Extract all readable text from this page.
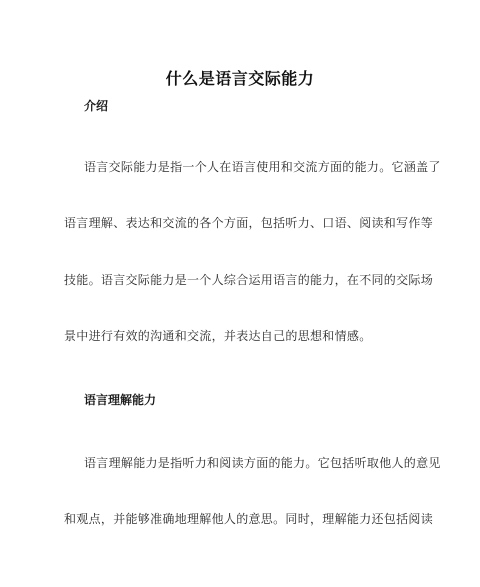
什么是语言交际能力
介绍
语言交际能力是指一个人在语言使用和交流方面的能力。它涵盖了
语言理解、表达和交流的各个方面，包括听力、口语、阅读和写作等
技能。语言交际能力是一个人综合运用语言的能力，在不同的交际场
景中进行有效的沟通和交流，并表达自己的思想和情感。
语言理解能力
语言理解能力是指听力和阅读方面的能力。它包括听取他人的意见
和观点，并能够准确地理解他人的意思。同时，理解能力还包括阅读
